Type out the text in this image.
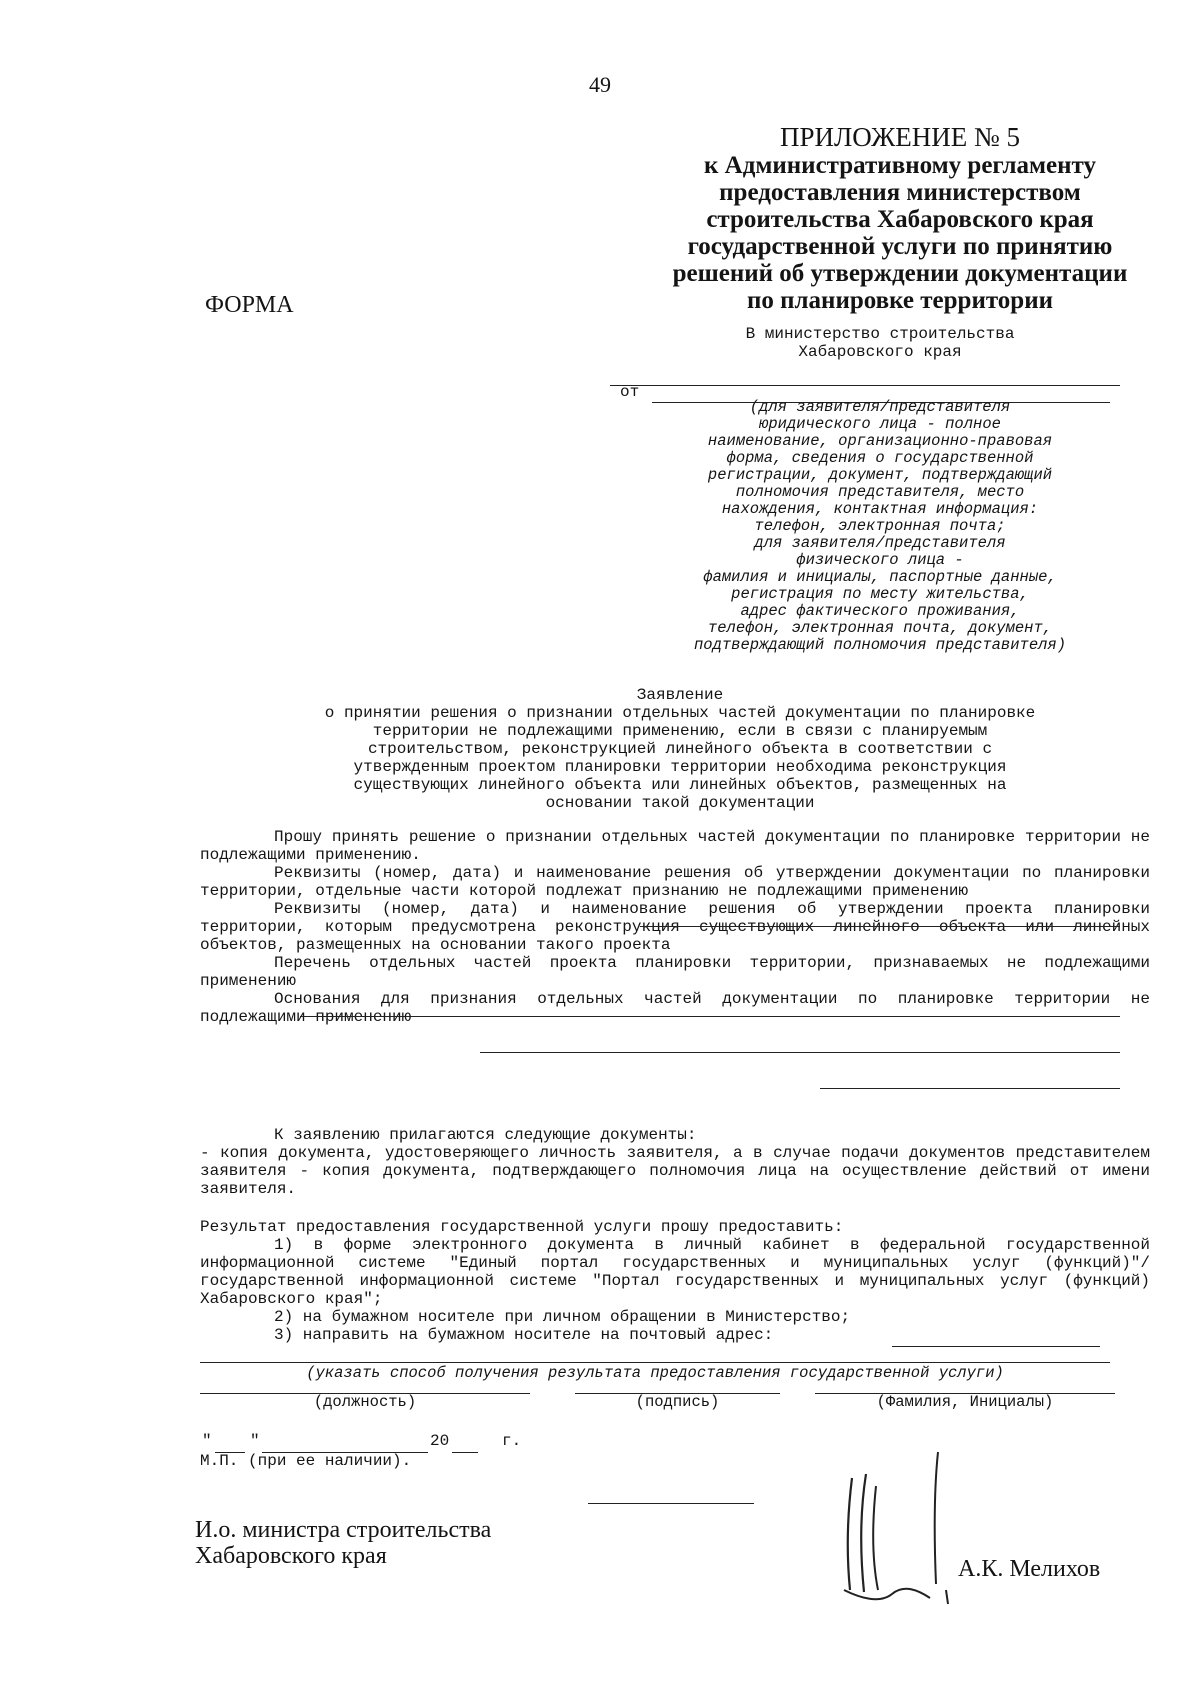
49
ПРИЛОЖЕНИЕ № 5
к Административному регламенту
предоставления министерством
строительства Хабаровского края
государственной услуги по принятию
решений об утверждении документации
по планировке территории
ФОРМА
В министерство строительства
Хабаровского края
от
(для заявителя/представителя
юридического лица - полное
наименование, организационно-правовая
форма, сведения о государственной
регистрации, документ, подтверждающий
полномочия представителя, место
нахождения, контактная информация:
телефон, электронная почта;
для заявителя/представителя
физического лица -
фамилия и инициалы, паспортные данные,
регистрация по месту жительства,
адрес фактического проживания,
телефон, электронная почта, документ,
подтверждающий полномочия представителя)
Заявление
о принятии решения о признании отдельных частей документации по планировке
территории не подлежащими применению, если в связи с планируемым
строительством, реконструкцией линейного объекта в соответствии с
утвержденным проектом планировки территории необходима реконструкция
существующих линейного объекта или линейных объектов, размещенных на
основании такой документации

Прошу принять решение о признании отдельных частей документации по планировке территории не подлежащими применению.

Реквизиты (номер, дата) и наименование решения об утверждении документации по планировки территории, отдельные части которой подлежат признанию не подлежащими применению

Реквизиты (номер, дата) и наименование решения об утверждении проекта планировки территории, которым предусмотрена реконструкция существующих линейного объекта или линейных объектов, размещенных на основании такого проекта

Перечень отдельных частей проекта планировки территории, признаваемых не подлежащими применению

Основания для признания отдельных частей документации по планировке территории не подлежащими применению

К заявлению прилагаются следующие документы:

- копия документа, удостоверяющего личность заявителя, а в случае подачи документов представителем заявителя - копия документа, подтверждающего полномочия лица на осуществление действий от имени заявителя.

Результат предоставления государственной услуги прошу предоставить:

1) в форме электронного документа в личный кабинет в федеральной государственной информационной системе "Единый портал государственных и муниципальных услуг (функций)"/государственной информационной системе "Портал государственных и муниципальных услуг (функций) Хабаровского края";

2) на бумажном носителе при личном обращении в Министерство;

3) направить на бумажном носителе на почтовый адрес:

(указать способ получения результата предоставления государственной услуги)
(должность)	(подпись)	(Фамилия, Инициалы)
" "	20	г.
М.П. (при ее наличии).
И.о. министра строительства
Хабаровского края	А.К. Мелихов
